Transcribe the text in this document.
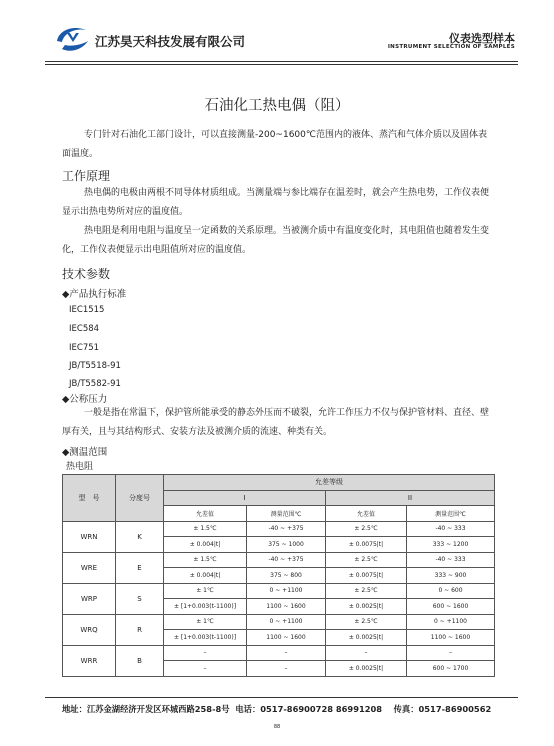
江苏昊天科技发展有限公司	仪表选型样本
INSTRUMENT SELECTION OF SAMPLES
石油化工热电偶（阻）
专门针对石油化工部门设计，可以直接测量-200~1600℃范围内的液体、蒸汽和气体介质以及固体表面温度。
工作原理
热电偶的电极由两根不同导体材质组成。当测量端与参比端存在温差时，就会产生热电势，工作仪表便显示出热电势所对应的温度值。
热电阻是利用电阻与温度呈一定函数的关系原理。当被测介质中有温度变化时，其电阻值也随着发生变化，工作仪表便显示出电阻值所对应的温度值。
技术参数
◆产品执行标准
IEC1515
IEC584
IEC751
JB/T5518-91
JB/T5582-91
◆公称压力
一般是指在常温下，保护管所能承受的静态外压而不破裂，允许工作压力不仅与保护管材料、直径、壁厚有关，且与其结构形式、安装方法及被测介质的流速、种类有关。
◆测温范围
热电阻
型　号	分度号	允差等级			
		I		II	
		允差值	测量范围℃	允差值	测量范围℃
WRN	K	± 1.5℃	-40 ~ +375	± 2.5℃	-40 ~ 333
		± 0.004|t|	375 ~ 1000	± 0.0075|t|	333 ~ 1200
WRE	E	± 1.5℃	-40 ~ +375	± 2.5℃	-40 ~ 333
		± 0.004|t|	375 ~ 800	± 0.0075|t|	333 ~ 900
WRP	S	± 1℃	0 ~ +1100	± 2.5℃	0 ~ 600
		± [1+0.003(t-1100)]	1100 ~ 1600	± 0.0025|t|	600 ~ 1600
WRQ	R	± 1℃	0 ~ +1100	± 2.5℃	0 ~ +1100
		± [1+0.003(t-1100)]	1100 ~ 1600	± 0.0025|t|	1100 ~ 1600
WRR	B	–	–	–	–
		–	–	± 0.0025|t|	600 ~ 1700
地址：江苏金湖经济开发区环城西路258-8号 电话：0517-86900728 86991208 传真：0517-86900562
88
